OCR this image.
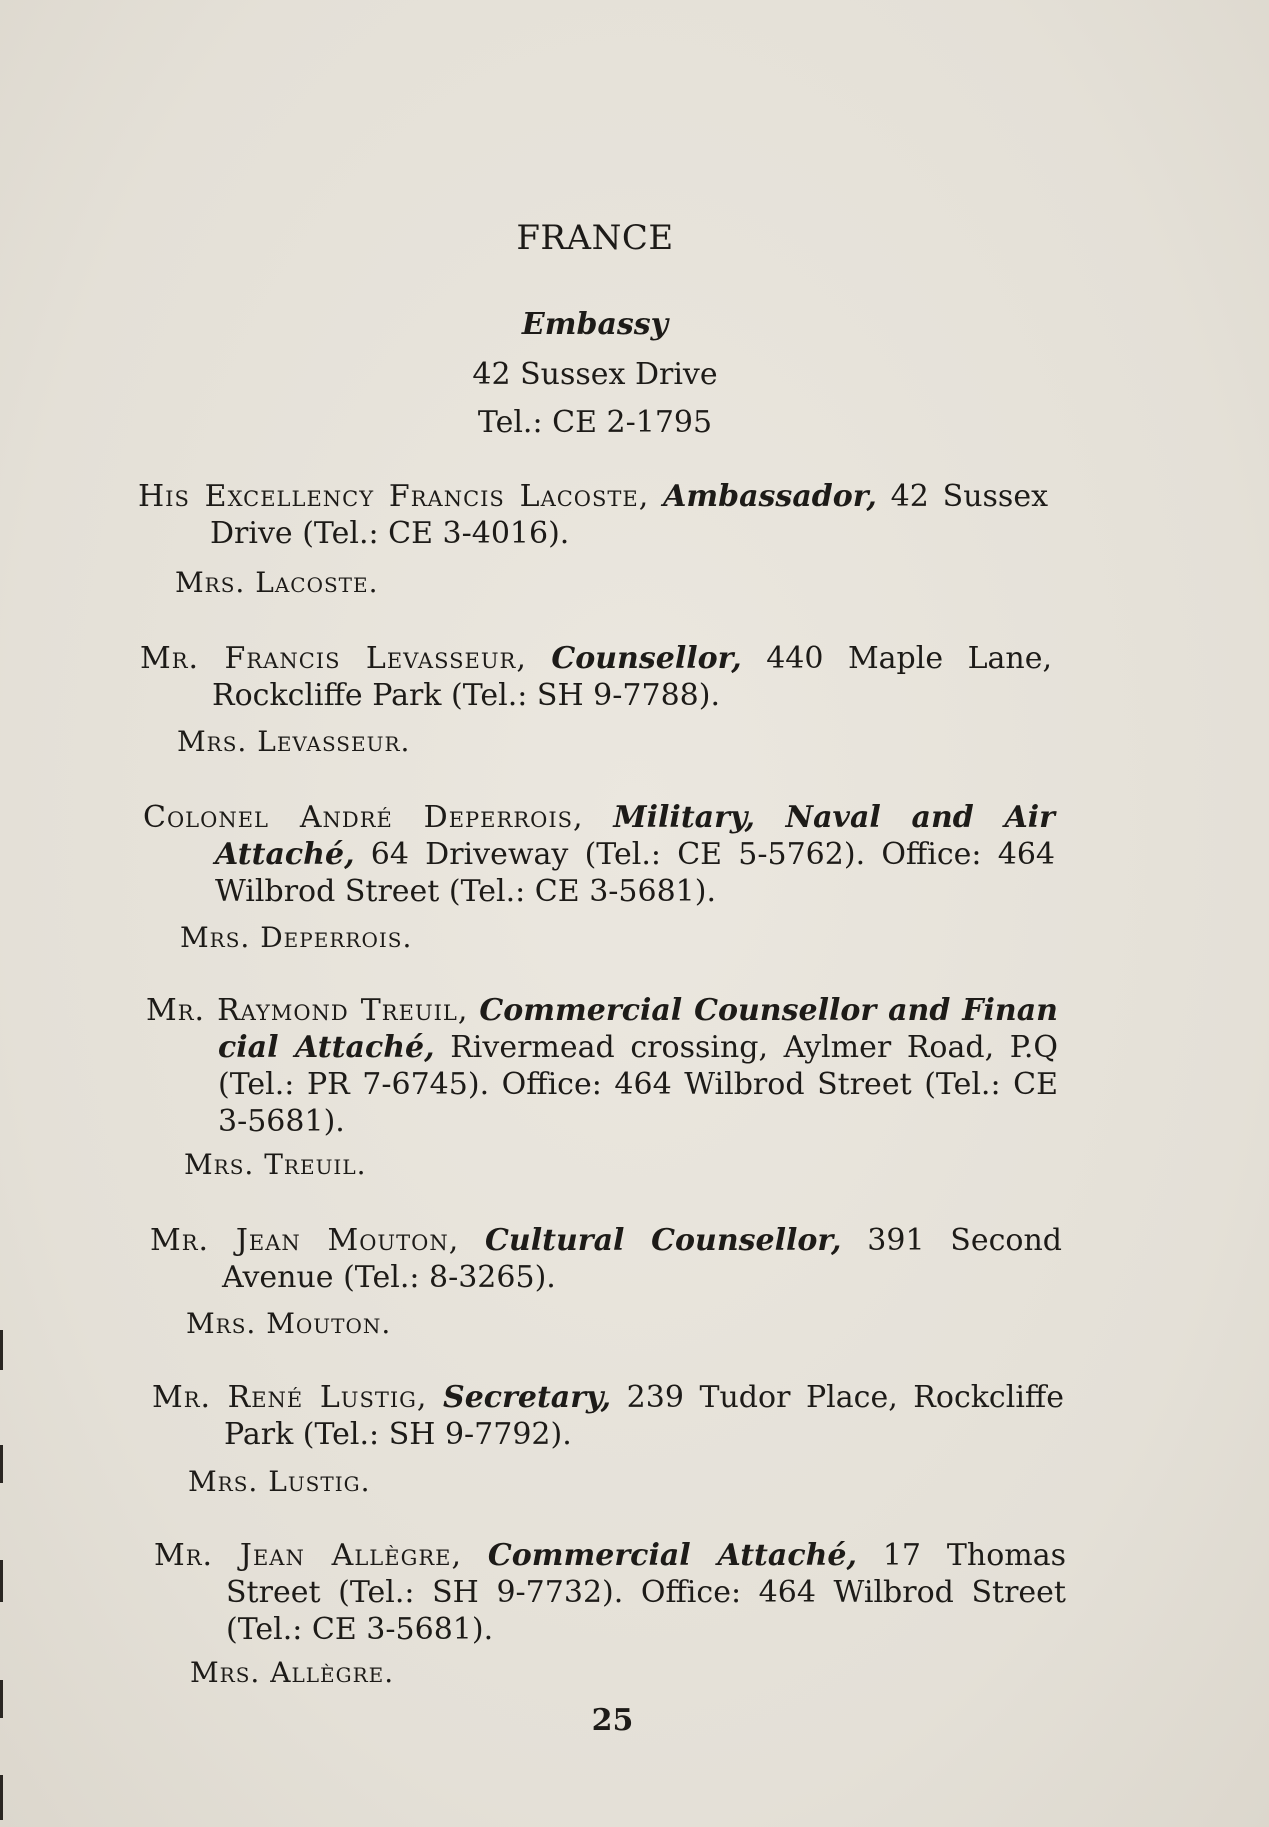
FRANCE
Embassy
42 Sussex Drive
Tel.: CE 2-1795
His Excellency Francis Lacoste, Ambassador, 42 Sussex Drive (Tel.: CE 3-4016).
Mrs. Lacoste.
Mr. Francis Levasseur, Counsellor, 440 Maple Lane, Rockcliffe Park (Tel.: SH 9-7788).
Mrs. Levasseur.
Colonel André Deperrois, Military, Naval and Air Attaché, 64 Driveway (Tel.: CE 5-5762). Office: 464 Wilbrod Street (Tel.: CE 3-5681).
Mrs. Deperrois.
Mr. Raymond Treuil, Commercial Counsellor and Finan cial Attaché, Rivermead crossing, Aylmer Road, P.Q (Tel.: PR 7-6745). Office: 464 Wilbrod Street (Tel.: CE 3-5681).
Mrs. Treuil.
Mr. Jean Mouton, Cultural Counsellor, 391 Second Avenue (Tel.: 8-3265).
Mrs. Mouton.
Mr. René Lustig, Secretary, 239 Tudor Place, Rockcliffe Park (Tel.: SH 9-7792).
Mrs. Lustig.
Mr. Jean Allègre, Commercial Attaché, 17 Thomas Street (Tel.: SH 9-7732). Office: 464 Wilbrod Street (Tel.: CE 3-5681).
Mrs. Allègre.
25
